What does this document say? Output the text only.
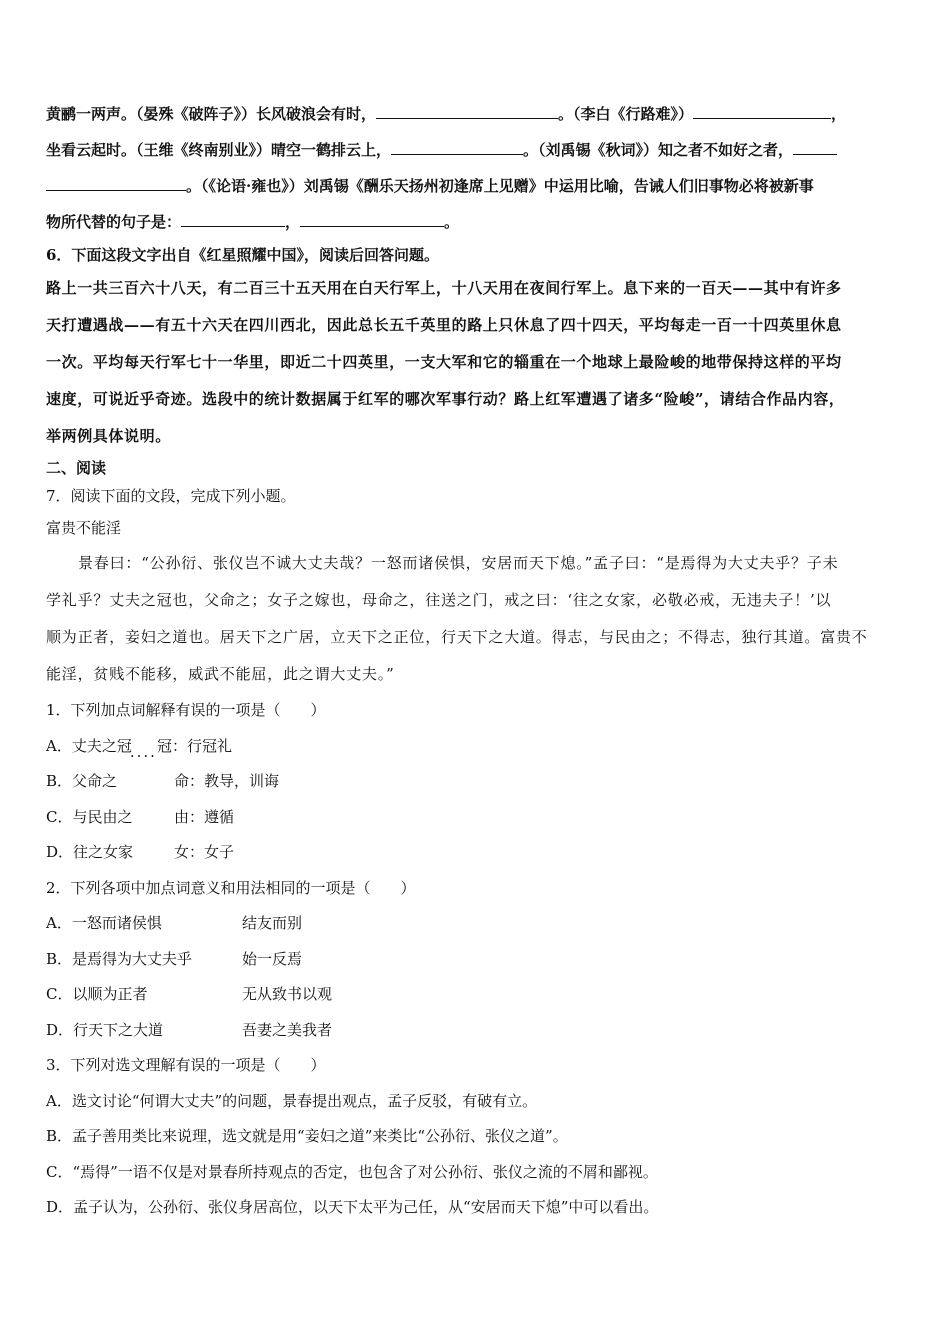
黄鹂一两声。（晏殊《破阵子》）长风破浪会有时，	。（李白《行路难》）	，
坐看云起时。（王维《终南别业》）晴空一鹤排云上，	。（刘禹锡《秋词》）知之者不如好之者，
。（《论语·雍也》）刘禹锡《酬乐天扬州初逢席上见赠》中运用比喻，告诫人们旧事物必将被新事
物所代替的句子是：	，	。
6．下面这段文字出自《红星照耀中国》，阅读后回答问题。
路上一共三百六十八天，有二百三十五天用在白天行军上，十八天用在夜间行军上。息下来的一百天——其中有许多
天打遭遇战——有五十六天在四川西北，因此总长五千英里的路上只休息了四十四天，平均每走一百一十四英里休息
一次。平均每天行军七十一华里，即近二十四英里，一支大军和它的辎重在一个地球上最险峻的地带保持这样的平均
速度，可说近乎奇迹。选段中的统计数据属于红军的哪次军事行动？路上红军遭遇了诸多“险峻”，请结合作品内容，
举两例具体说明。
二、阅读
7．阅读下面的文段，完成下列小题。
富贵不能淫
景春曰：“公孙衍、张仪岂不诚大丈夫哉？一怒而诸侯惧，安居而天下熄。”孟子曰：“是焉得为大丈夫乎？子未
学礼乎？丈夫之冠也，父命之；女子之嫁也，母命之，往送之门，戒之曰：‘往之女家，必敬必戒，无违夫子！’以
顺为正者，妾妇之道也。居天下之广居，立天下之正位，行天下之大道。得志，与民由之；不得志，独行其道。富贵不
能淫，贫贱不能移，威武不能屈，此之谓大丈夫。”
1．下列加点词解释有误的一项是（　　）
A．丈夫之冠....冠：行冠礼
B．父命之	命：教导，训诲
C．与民由之	由：遵循
D．往之女家	女：女子
2．下列各项中加点词意义和用法相同的一项是（　　）
A．一怒而诸侯惧	结友而别
B．是焉得为大丈夫乎	始一反焉
C．以顺为正者	无从致书以观
D．行天下之大道	吾妻之美我者
3．下列对选文理解有误的一项是（　　）
A．选文讨论“何谓大丈夫”的问题，景春提出观点，孟子反驳，有破有立。
B．孟子善用类比来说理，选文就是用“妾妇之道”来类比“公孙衍、张仪之道”。
C．“焉得”一语不仅是对景春所持观点的否定，也包含了对公孙衍、张仪之流的不屑和鄙视。
D．孟子认为，公孙衍、张仪身居高位，以天下太平为己任，从“安居而天下熄”中可以看出。
